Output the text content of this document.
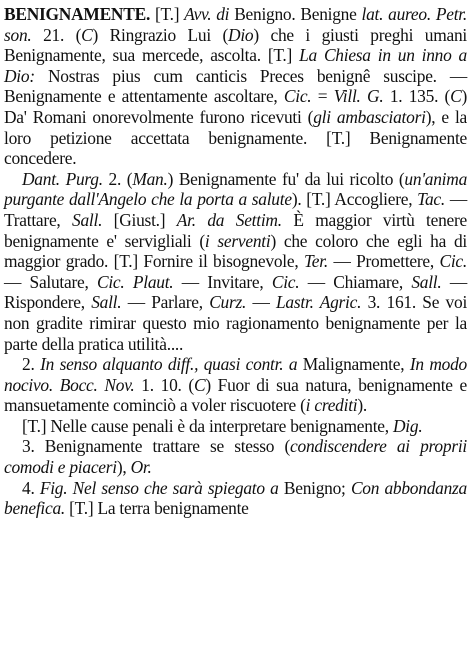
BENIGNAMENTE. [T.] Avv. di Benigno. Benigne lat. aureo. Petr. son. 21. (C) Ringrazio Lui (Dio) che i giusti preghi umani Benignamente, sua mercede, ascolta. [T.] La Chiesa in un inno a Dio: Nostras pius cum canticis Preces benignê suscipe. — Benignamente e attentamente ascoltare, Cic. = Vill. G. 1. 135. (C) Da' Romani onorevolmente furono ricevuti (gli ambasciatori), e la loro petizione accettata benignamente. [T.] Benignamente concedere.

Dant. Purg. 2. (Man.) Benignamente fu' da lui ricolto (un'anima purgante dall'Angelo che la porta a salute). [T.] Accogliere, Tac. — Trattare, Sall. [Giust.] Ar. da Settim. È maggior virtù tenere benignamente e' servigliali (i serventi) che coloro che egli ha di maggior grado. [T.] Fornire il bisognevole, Ter. — Promettere, Cic. — Salutare, Cic. Plaut. — Invitare, Cic. — Chiamare, Sall. — Rispondere, Sall. — Parlare, Curz. — Lastr. Agric. 3. 161. Se voi non gradite rimirar questo mio ragionamento benignamente per la parte della pratica utilità....

2. In senso alquanto diff., quasi contr. a Malignamente, In modo nocivo. Bocc. Nov. 1. 10. (C) Fuor di sua natura, benignamente e mansuetamente cominciò a voler riscuotere (i crediti).

[T.] Nelle cause penali è da interpretare benignamente, Dig.

3. Benignamente trattare se stesso (condiscendere ai proprii comodi e piaceri), Or.

4. Fig. Nel senso che sarà spiegato a Benigno; Con abbondanza benefica. [T.] La terra benignamente
